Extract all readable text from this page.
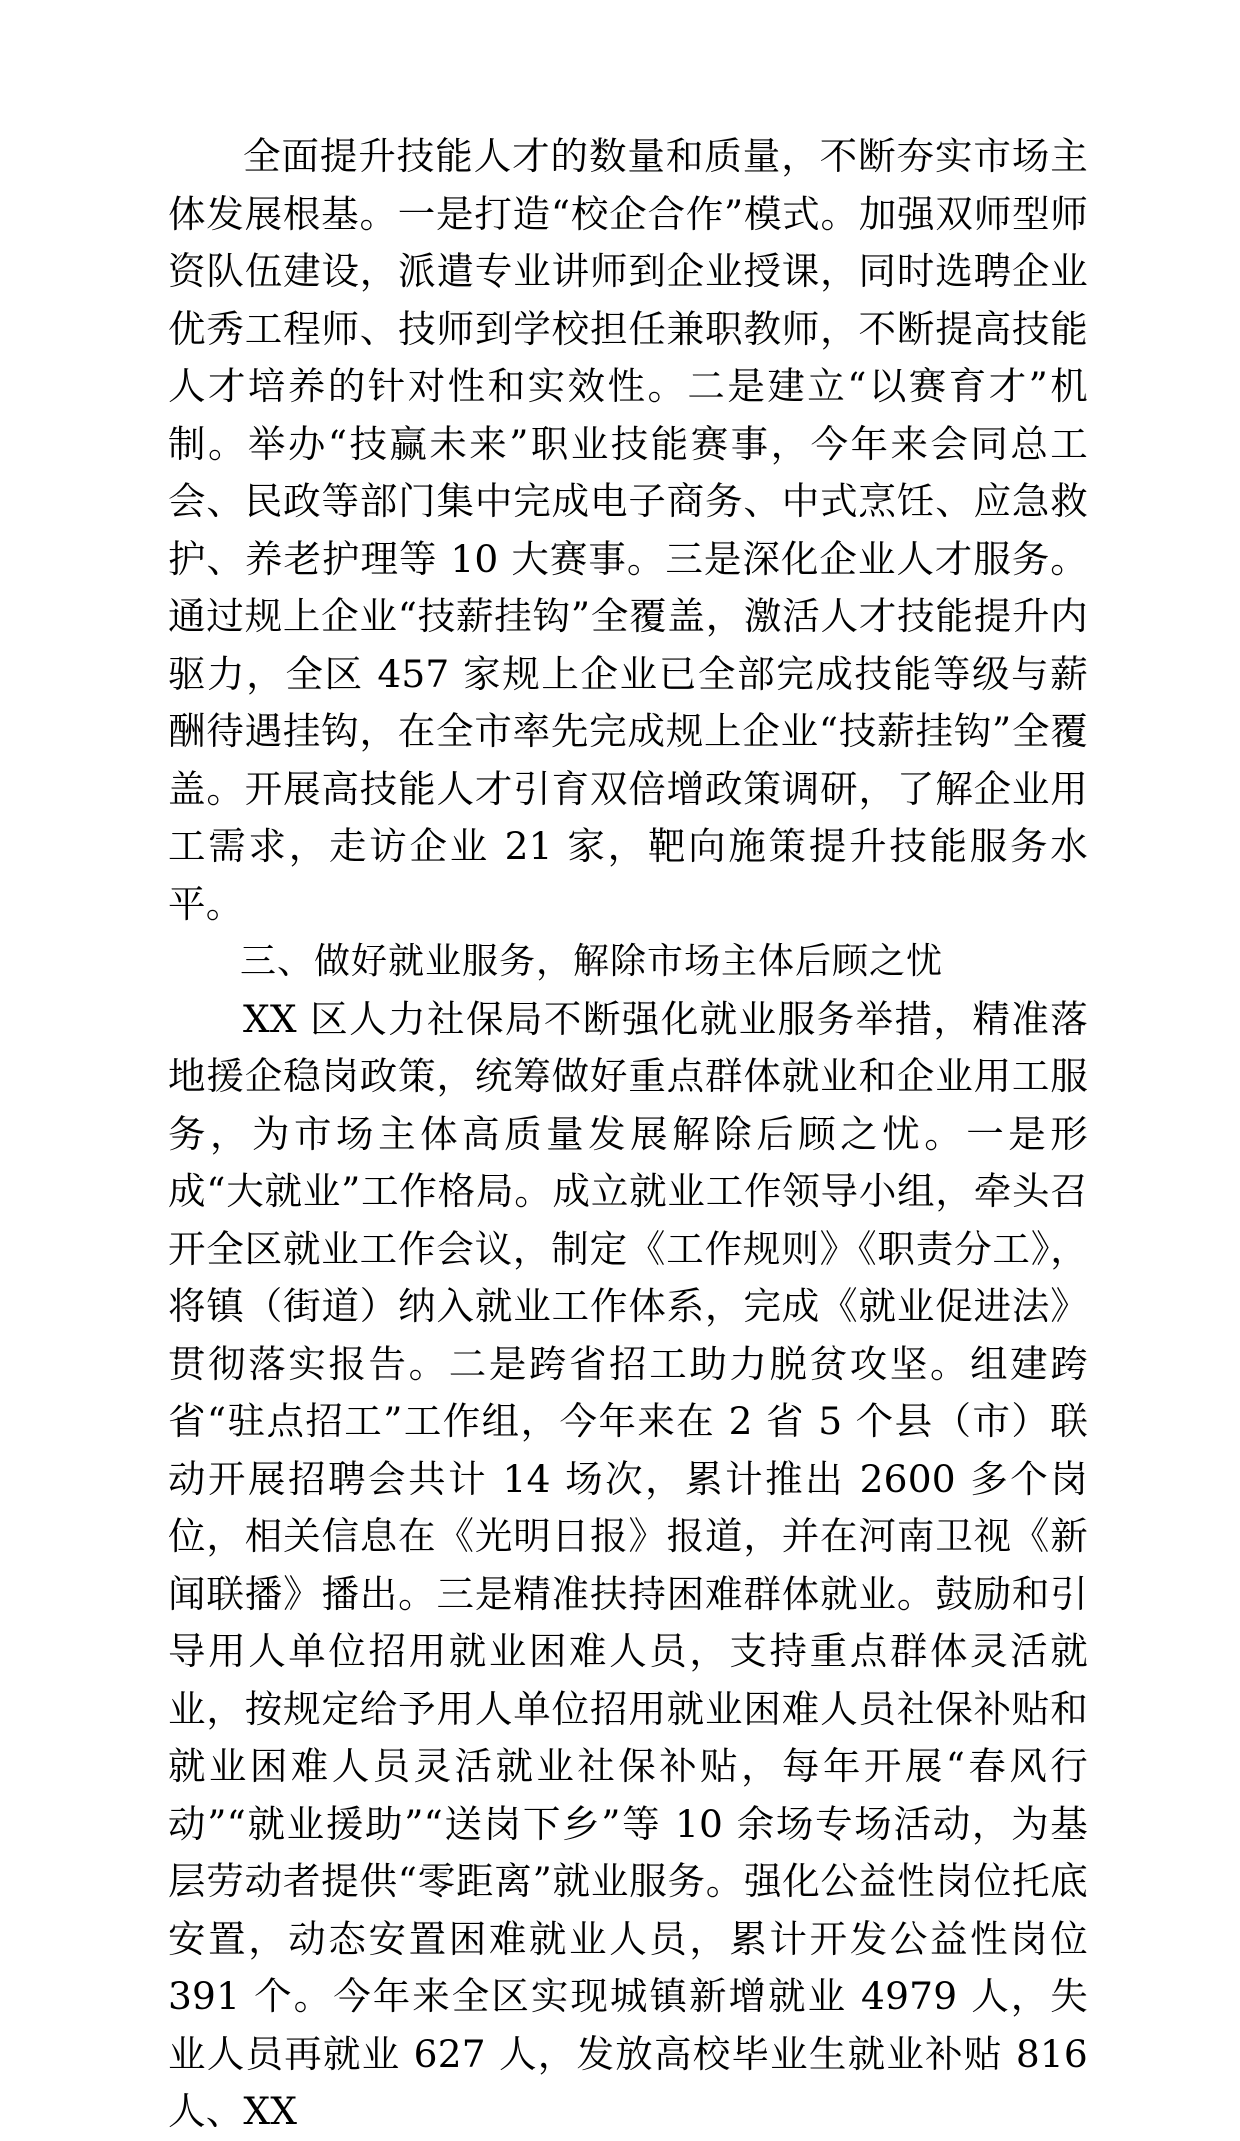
全面提升技能人才的数量和质量，不断夯实市场主体发展根基。一是打造“校企合作”模式。加强双师型师资队伍建设，派遣专业讲师到企业授课，同时选聘企业优秀工程师、技师到学校担任兼职教师，不断提高技能人才培养的针对性和实效性。二是建立“以赛育才”机制。举办“技赢未来”职业技能赛事，今年来会同总工会、民政等部门集中完成电子商务、中式烹饪、应急救护、养老护理等 10 大赛事。三是深化企业人才服务。通过规上企业“技薪挂钩”全覆盖，激活人才技能提升内驱力，全区 457 家规上企业已全部完成技能等级与薪酬待遇挂钩，在全市率先完成规上企业“技薪挂钩”全覆盖。开展高技能人才引育双倍增政策调研，了解企业用工需求，走访企业 21 家，靶向施策提升技能服务水平。

三、做好就业服务，解除市场主体后顾之忧

XX 区人力社保局不断强化就业服务举措，精准落地援企稳岗政策，统筹做好重点群体就业和企业用工服务，为市场主体高质量发展解除后顾之忧。一是形成“大就业”工作格局。成立就业工作领导小组，牵头召开全区就业工作会议，制定《工作规则》《职责分工》，将镇（街道）纳入就业工作体系，完成《就业促进法》贯彻落实报告。二是跨省招工助力脱贫攻坚。组建跨省“驻点招工”工作组，今年来在 2 省 5 个县（市）联动开展招聘会共计 14 场次，累计推出 2600 多个岗位，相关信息在《光明日报》报道，并在河南卫视《新闻联播》播出。三是精准扶持困难群体就业。鼓励和引导用人单位招用就业困难人员，支持重点群体灵活就业，按规定给予用人单位招用就业困难人员社保补贴和就业困难人员灵活就业社保补贴，每年开展“春风行动”“就业援助”“送岗下乡”等 10 余场专场活动，为基层劳动者提供“零距离”就业服务。强化公益性岗位托底安置，动态安置困难就业人员，累计开发公益性岗位 391 个。今年来全区实现城镇新增就业 4979 人，失业人员再就业 627 人，发放高校毕业生就业补贴 816 人、XX
